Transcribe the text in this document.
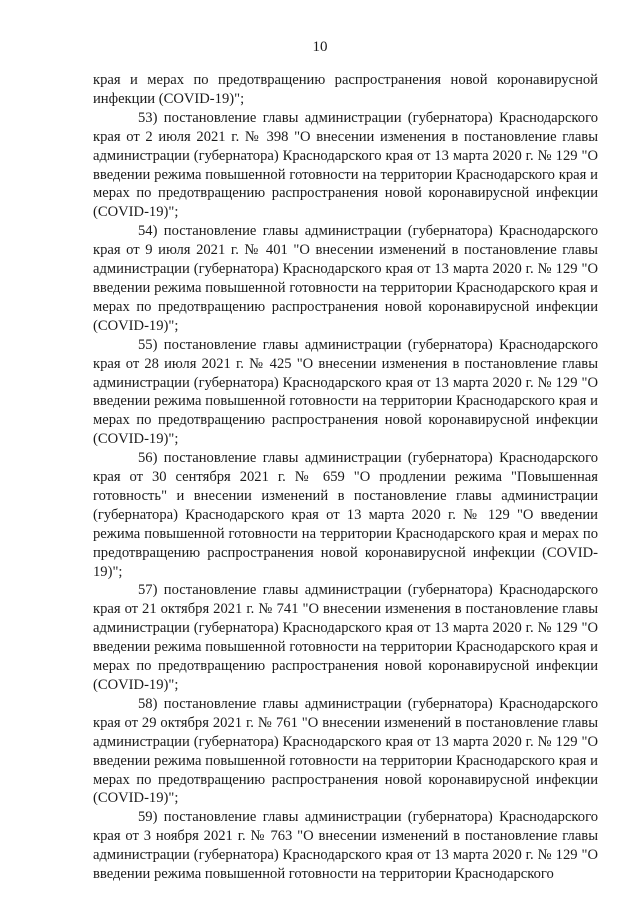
10

края и мерах по предотвращению распространения новой коронавирусной инфекции (COVID-19)";

53) постановление главы администрации (губернатора) Краснодарского края от 2 июля 2021 г. № 398 "О внесении изменения в постановление главы администрации (губернатора) Краснодарского края от 13 марта 2020 г. № 129 "О введении режима повышенной готовности на территории Краснодарского края и мерах по предотвращению распространения новой коронавирусной инфекции (COVID-19)";

54) постановление главы администрации (губернатора) Краснодарского края от 9 июля 2021 г. № 401 "О внесении изменений в постановление главы администрации (губернатора) Краснодарского края от 13 марта 2020 г. № 129 "О введении режима повышенной готовности на территории Краснодарского края и мерах по предотвращению распространения новой коронавирусной инфекции (COVID-19)";

55) постановление главы администрации (губернатора) Краснодарского края от 28 июля 2021 г. № 425 "О внесении изменения в постановление главы администрации (губернатора) Краснодарского края от 13 марта 2020 г. № 129 "О введении режима повышенной готовности на территории Краснодарского края и мерах по предотвращению распространения новой коронавирусной инфекции (COVID-19)";

56) постановление главы администрации (губернатора) Краснодарского края от 30 сентября 2021 г. № 659 "О продлении режима "Повышенная готовность" и внесении изменений в постановление главы администрации (губернатора) Краснодарского края от 13 марта 2020 г. № 129 "О введении режима повышенной готовности на территории Краснодарского края и мерах по предотвращению распространения новой коронавирусной инфекции (COVID-19)";

57) постановление главы администрации (губернатора) Краснодарского края от 21 октября 2021 г. № 741 "О внесении изменения в постановление главы администрации (губернатора) Краснодарского края от 13 марта 2020 г. № 129 "О введении режима повышенной готовности на территории Краснодарского края и мерах по предотвращению распространения новой коронавирусной инфекции (COVID-19)";

58) постановление главы администрации (губернатора) Краснодарского края от 29 октября 2021 г. № 761 "О внесении изменений в постановление главы администрации (губернатора) Краснодарского края от 13 марта 2020 г. № 129 "О введении режима повышенной готовности на территории Краснодарского края и мерах по предотвращению распространения новой коронавирусной инфекции (COVID-19)";

59) постановление главы администрации (губернатора) Краснодарского края от 3 ноября 2021 г. № 763 "О внесении изменений в постановление главы администрации (губернатора) Краснодарского края от 13 марта 2020 г. № 129 "О введении режима повышенной готовности на территории Краснодарского
